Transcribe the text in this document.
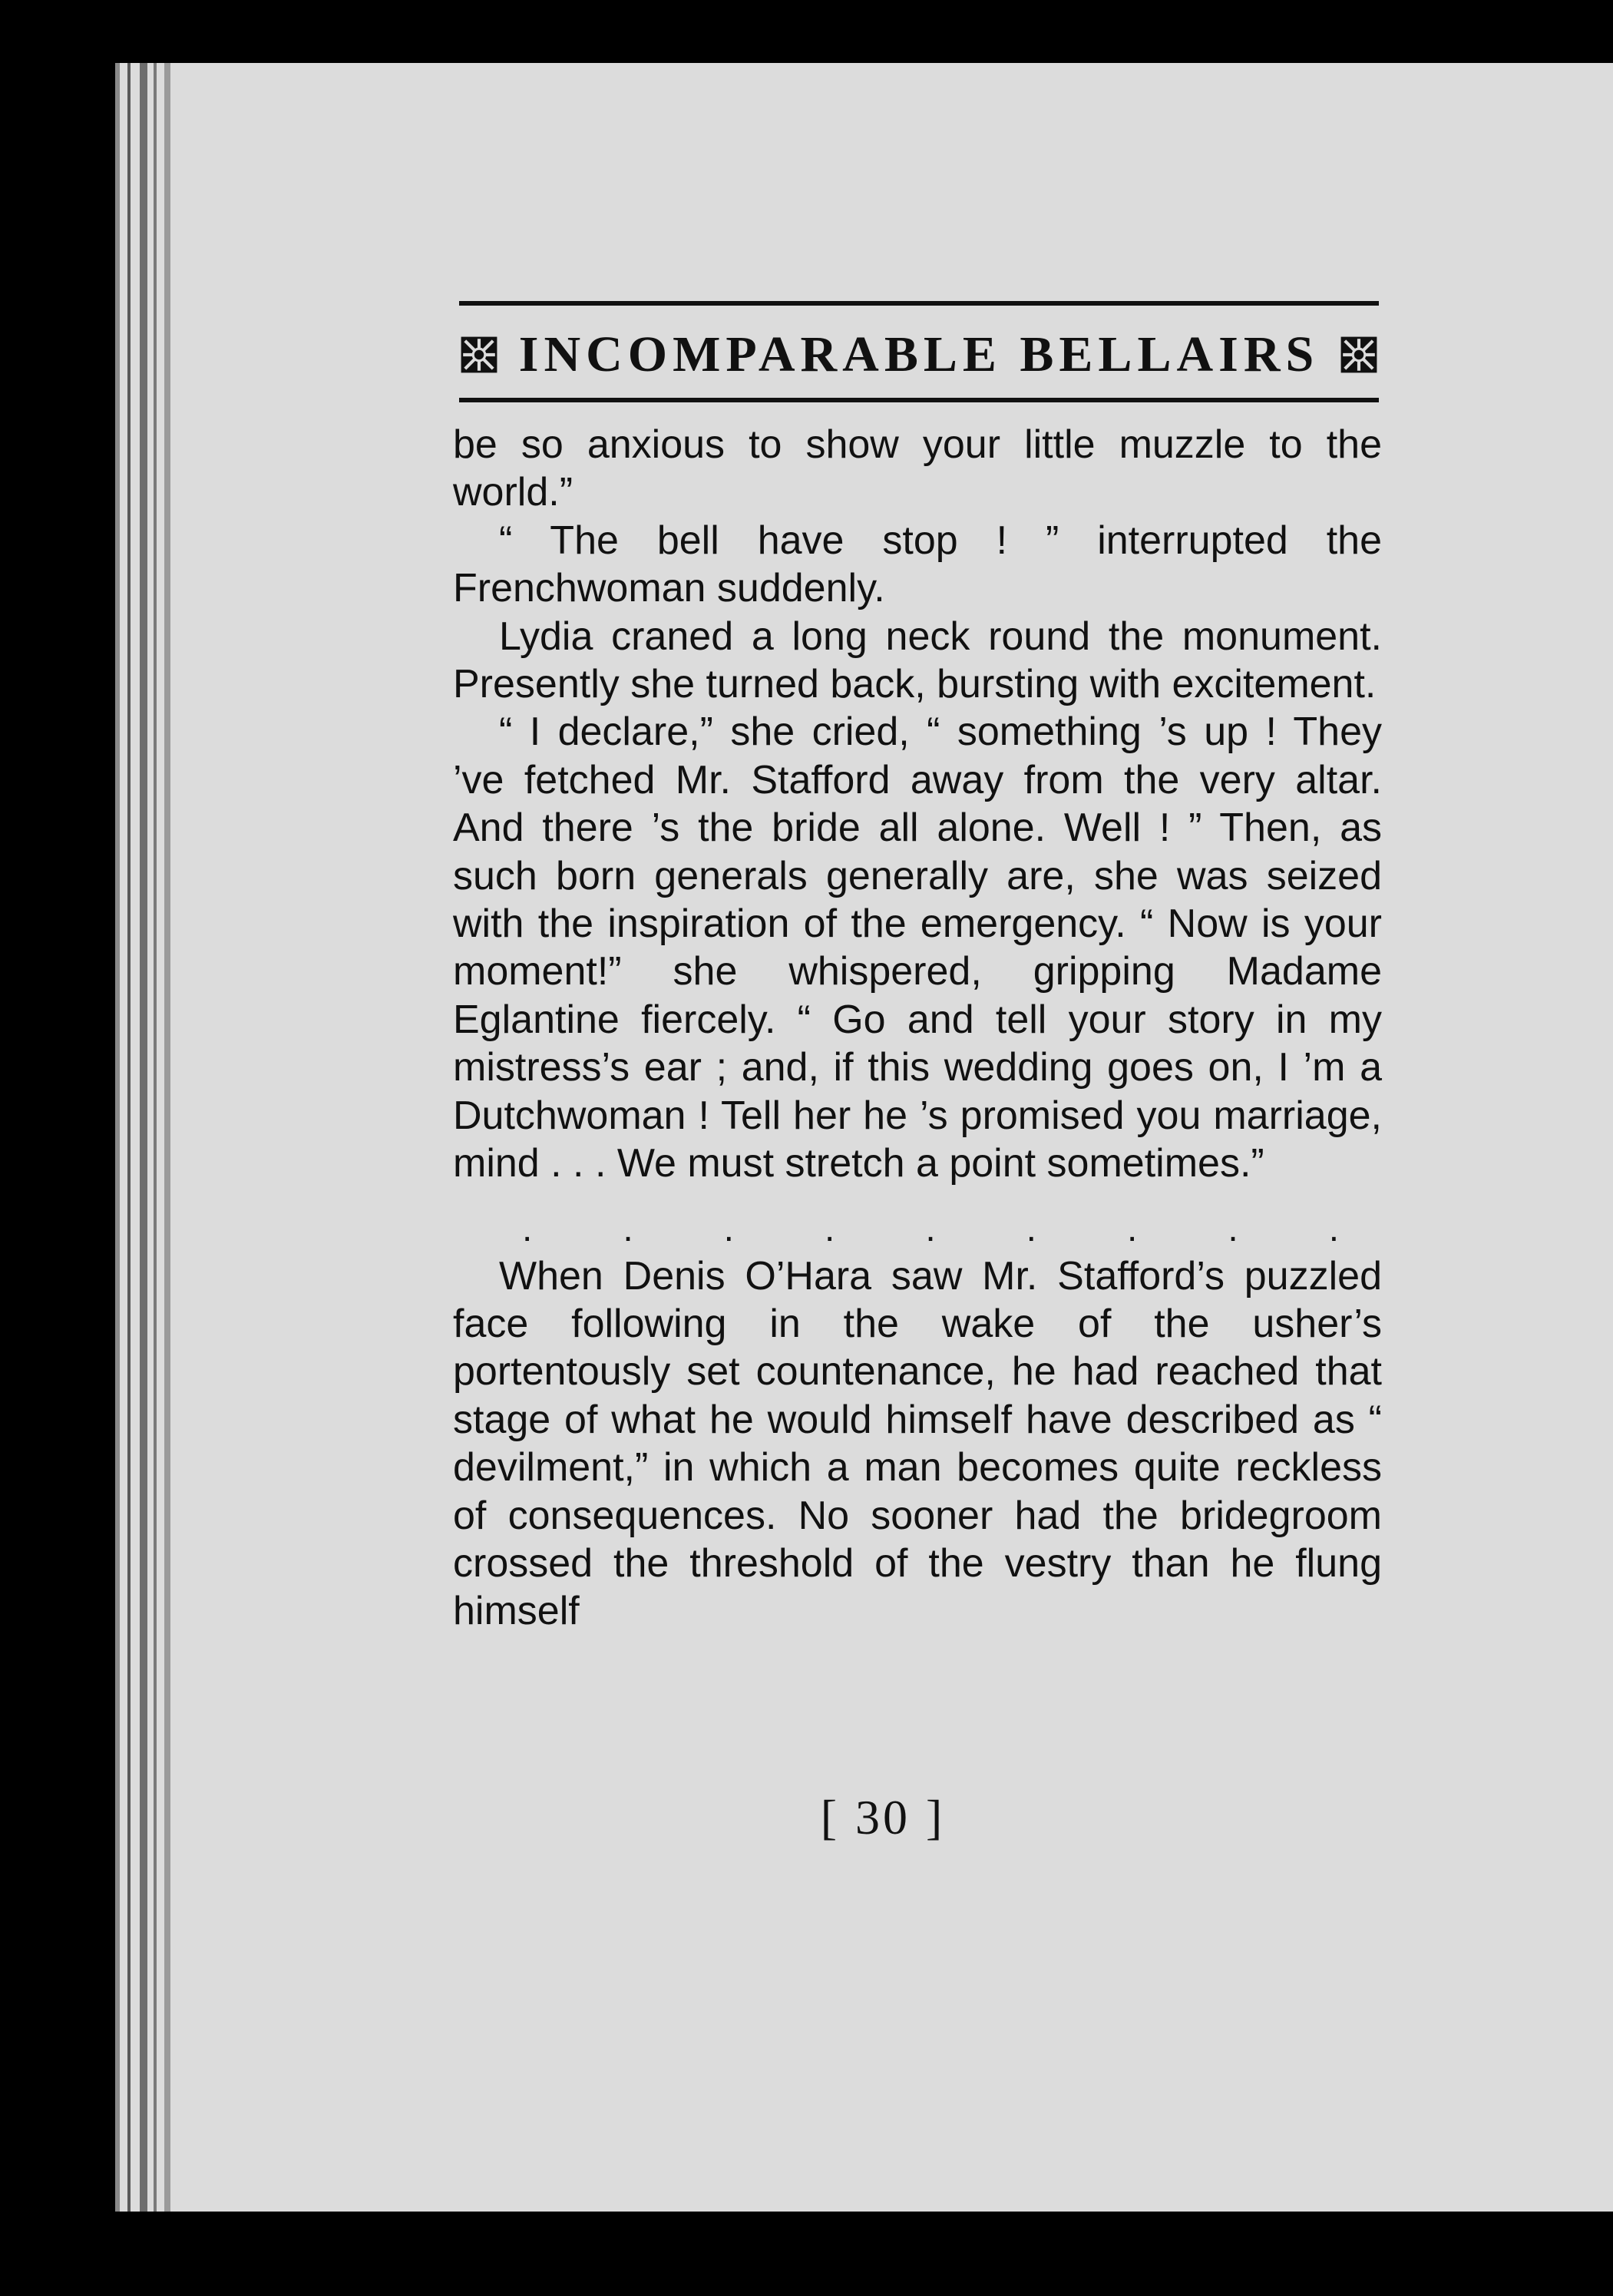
INCOMPARABLE BELLAIRS

be so anxious to show your little muzzle to the world.”

“ The bell have stop ! ” interrupted the Frenchwoman suddenly.

Lydia craned a long neck round the monument. Presently she turned back, bursting with excitement.

“ I declare,” she cried, “ something ’s up ! They ’ve fetched Mr. Stafford away from the very altar. And there ’s the bride all alone. Well ! ” Then, as such born generals generally are, she was seized with the inspiration of the emergency. “ Now is your moment!” she whispered, gripping Madame Eglantine fiercely. “ Go and tell your story in my mistress’s ear ; and, if this wedding goes on, I ’m a Dutchwoman ! Tell her he ’s promised you marriage, mind . . . We must stretch a point sometimes.”

.........

When Denis O’Hara saw Mr. Stafford’s puzzled face following in the wake of the usher’s portentously set countenance, he had reached that stage of what he would himself have described as “ devilment,” in which a man becomes quite reckless of consequences. No sooner had the bridegroom crossed the threshold of the vestry than he flung himself

[ 30 ]
